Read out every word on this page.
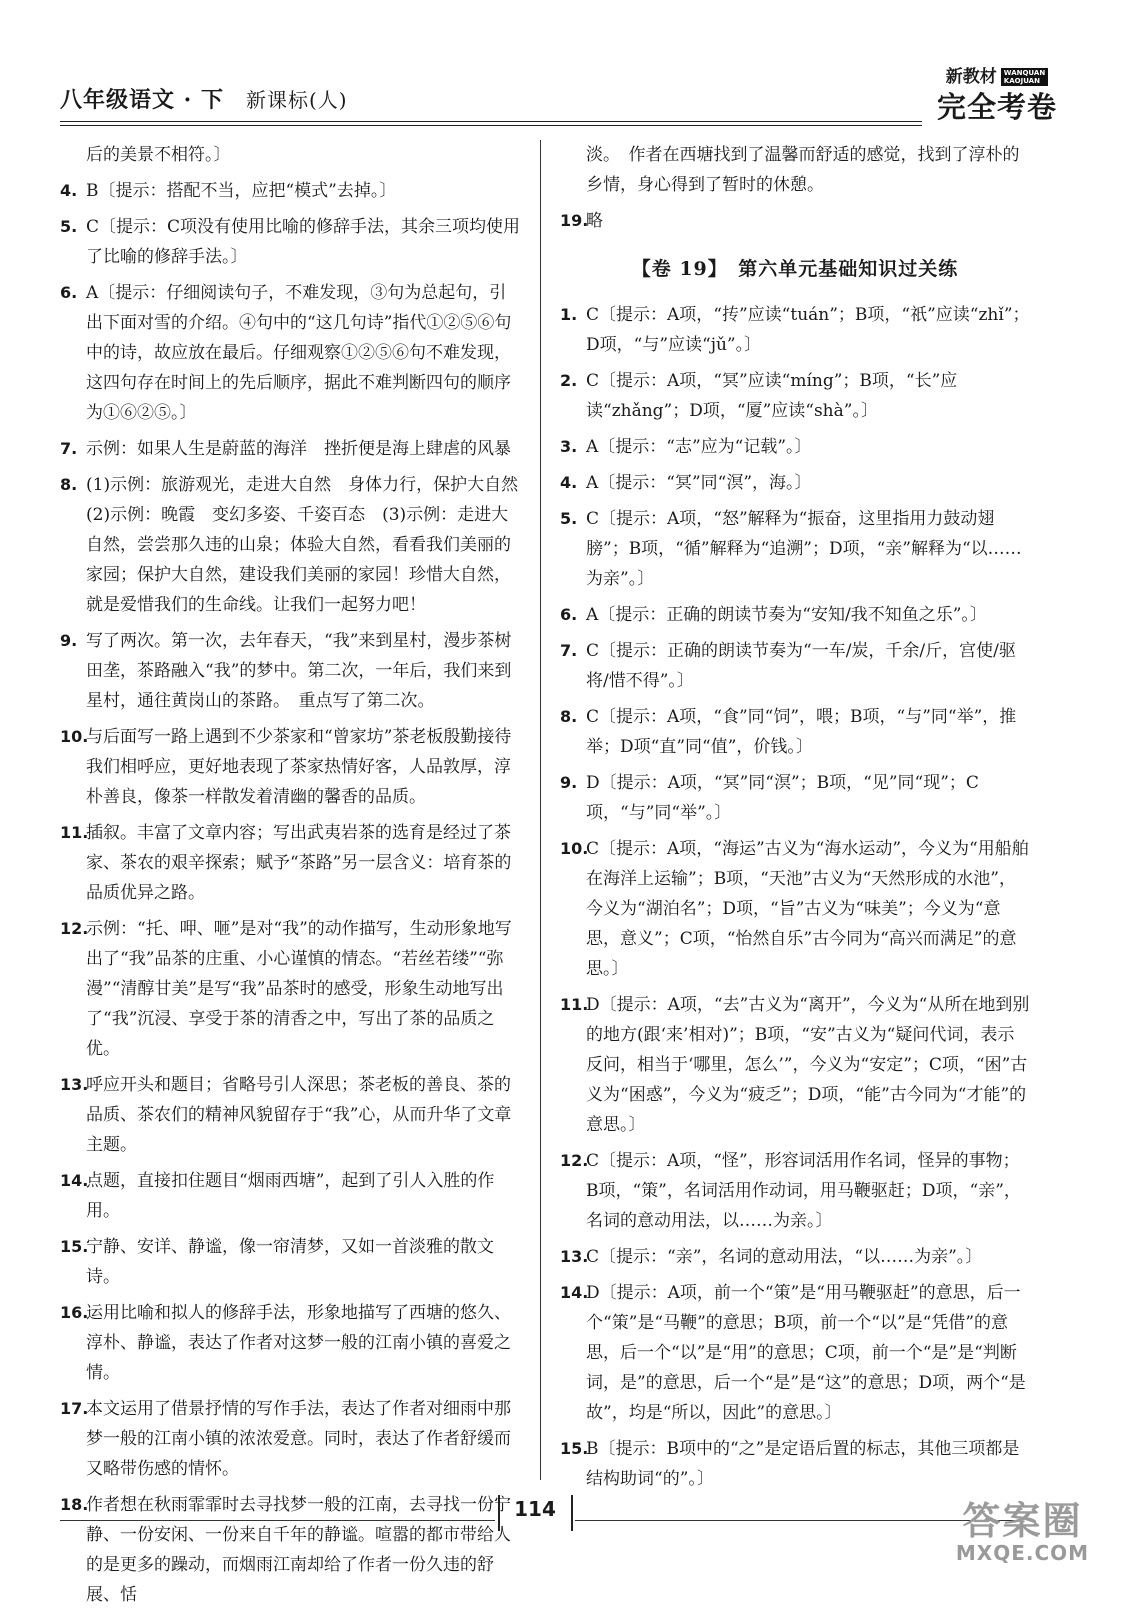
八年级语文 · 下 新课标(人)
新教材 WANQUAN
KAOJUAN
完全考卷
后的美景不相符。〕
4. B〔提示：搭配不当，应把“模式”去掉。〕
5. C〔提示：C项没有使用比喻的修辞手法，其余三项均使用了比喻的修辞手法。〕
6. A〔提示：仔细阅读句子，不难发现，③句为总起句，引出下面对雪的介绍。④句中的“这几句诗”指代①②⑤⑥句中的诗，故应放在最后。仔细观察①②⑤⑥句不难发现，这四句存在时间上的先后顺序，据此不难判断四句的顺序为①⑥②⑤。〕
7. 示例：如果人生是蔚蓝的海洋　挫折便是海上肆虐的风暴
8. (1)示例：旅游观光，走进大自然　身体力行，保护大自然　(2)示例：晚霞　变幻多姿、千姿百态　(3)示例：走进大自然，尝尝那久违的山泉；体验大自然，看看我们美丽的家园；保护大自然，建设我们美丽的家园！珍惜大自然，就是爱惜我们的生命线。让我们一起努力吧！
9. 写了两次。第一次，去年春天，“我”来到星村，漫步茶树田垄，茶路融入“我”的梦中。第二次，一年后，我们来到星村，通往黄岗山的茶路。　重点写了第二次。
10.
与后面写一路上遇到不少茶家和“曾家坊”茶老板殷勤接待我们相呼应，更好地表现了茶家热情好客，人品敦厚，淳朴善良，像茶一样散发着清幽的馨香的品质。
11.
插叙。丰富了文章内容；写出武夷岩茶的选育是经过了茶家、茶农的艰辛探索；赋予“茶路”另一层含义：培育茶的品质优异之路。
12.
示例：“托、呷、咂”是对“我”的动作描写，生动形象地写出了“我”品茶的庄重、小心谨慎的情态。“若丝若缕”“弥漫”“清醇甘美”是写“我”品茶时的感受，形象生动地写出了“我”沉浸、享受于茶的清香之中，写出了茶的品质之优。
13.
呼应开头和题目；省略号引人深思；茶老板的善良、茶的品质、茶农们的精神风貌留存于“我”心，从而升华了文章主题。
14.
点题，直接扣住题目“烟雨西塘”，起到了引人入胜的作用。
15.
宁静、安详、静谧，像一帘清梦，又如一首淡雅的散文诗。
16.
运用比喻和拟人的修辞手法，形象地描写了西塘的悠久、淳朴、静谧，表达了作者对这梦一般的江南小镇的喜爱之情。
17.
本文运用了借景抒情的写作手法，表达了作者对细雨中那梦一般的江南小镇的浓浓爱意。同时，表达了作者舒缓而又略带伤感的情怀。
18.
作者想在秋雨霏霏时去寻找梦一般的江南，去寻找一份宁静、一份安闲、一份来自千年的静谧。喧嚣的都市带给人的是更多的躁动，而烟雨江南却给了作者一份久违的舒展、恬
淡。　作者在西塘找到了温馨而舒适的感觉，找到了淳朴的乡情，身心得到了暂时的休憩。
19.
略
【卷 19】　第六单元基础知识过关练
1. C〔提示：A项，“抟”应读“tuán”；B项，“祇”应读“zhǐ”；D项，“与”应读“jǔ”。〕
2. C〔提示：A项，“冥”应读“míng”；B项，“长”应读“zhǎng”；D项，“厦”应读“shà”。〕
3. A〔提示：“志”应为“记载”。〕
4. A〔提示：“冥”同“溟”，海。〕
5. C〔提示：A项，“怒”解释为“振奋，这里指用力鼓动翅膀”；B项，“循”解释为“追溯”；D项，“亲”解释为“以……为亲”。〕
6. A〔提示：正确的朗读节奏为“安知/我不知鱼之乐”。〕
7. C〔提示：正确的朗读节奏为“一车/炭，千余/斤，宫使/驱将/惜不得”。〕
8. C〔提示：A项，“食”同“饲”，喂；B项，“与”同“举”，推举；D项“直”同“值”，价钱。〕
9. D〔提示：A项，“冥”同“溟”；B项，“见”同“现”；C项，“与”同“举”。〕
10.
C〔提示：A项，“海运”古义为“海水运动”，今义为“用船舶在海洋上运输”；B项，“天池”古义为“天然形成的水池”，今义为“湖泊名”；D项，“旨”古义为“味美”；今义为“意思，意义”；C项，“怡然自乐”古今同为“高兴而满足”的意思。〕
11.
D〔提示：A项，“去”古义为“离开”，今义为“从所在地到别的地方(跟‘来’相对)”；B项，“安”古义为“疑问代词，表示反问，相当于‘哪里，怎么’”，今义为“安定”；C项，“困”古义为“困惑”，今义为“疲乏”；D项，“能”古今同为“才能”的意思。〕
12.
C〔提示：A项，“怪”，形容词活用作名词，怪异的事物；B项，“策”，名词活用作动词，用马鞭驱赶；D项，“亲”，名词的意动用法，以……为亲。〕
13.
C〔提示：“亲”，名词的意动用法，“以……为亲”。〕
14.
D〔提示：A项，前一个“策”是“用马鞭驱赶”的意思，后一个“策”是“马鞭”的意思；B项，前一个“以”是“凭借”的意思，后一个“以”是“用”的意思；C项，前一个“是”是“判断词，是”的意思，后一个“是”是“这”的意思；D项，两个“是故”，均是“所以，因此”的意思。〕
15.
B〔提示：B项中的“之”是定语后置的标志，其他三项都是结构助词“的”。〕
114	答案圈
MXQE.COM
